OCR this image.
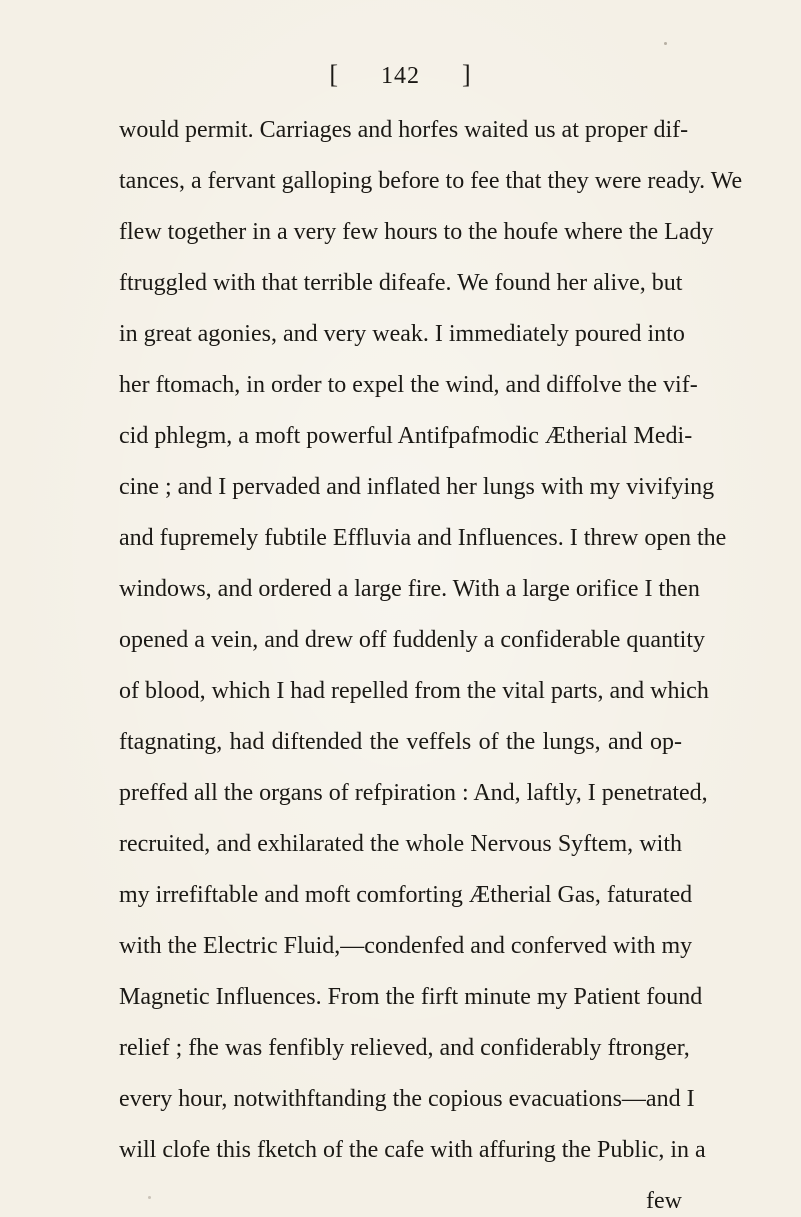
[ 142 ]
would permit. Carriages and horfes waited us at proper dif-
tances, a fervant galloping before to fee that they were ready. We
flew together in a very few hours to the houfe where the Lady
ftruggled with that terrible difeafe. We found her alive, but
in great agonies, and very weak. I immediately poured into
her ftomach, in order to expel the wind, and diffolve the vif-
cid phlegm, a moft powerful Antifpafmodic Ætherial Medi-
cine ; and I pervaded and inflated her lungs with my vivifying
and fupremely fubtile Effluvia and Influences. I threw open the
windows, and ordered a large fire. With a large orifice I then
opened a vein, and drew off fuddenly a confiderable quantity
of blood, which I had repelled from the vital parts, and which
ftagnating, had diftended the veffels of the lungs, and op-
preffed all the organs of refpiration : And, laftly, I penetrated,
recruited, and exhilarated the whole Nervous Syftem, with
my irrefiftable and moft comforting Ætherial Gas, faturated
with the Electric Fluid,—condenfed and conferved with my
Magnetic Influences. From the firft minute my Patient found
relief ; fhe was fenfibly relieved, and confiderably ftronger,
every hour, notwithftanding the copious evacuations—and I
will clofe this fketch of the cafe with affuring the Public, in a
few
